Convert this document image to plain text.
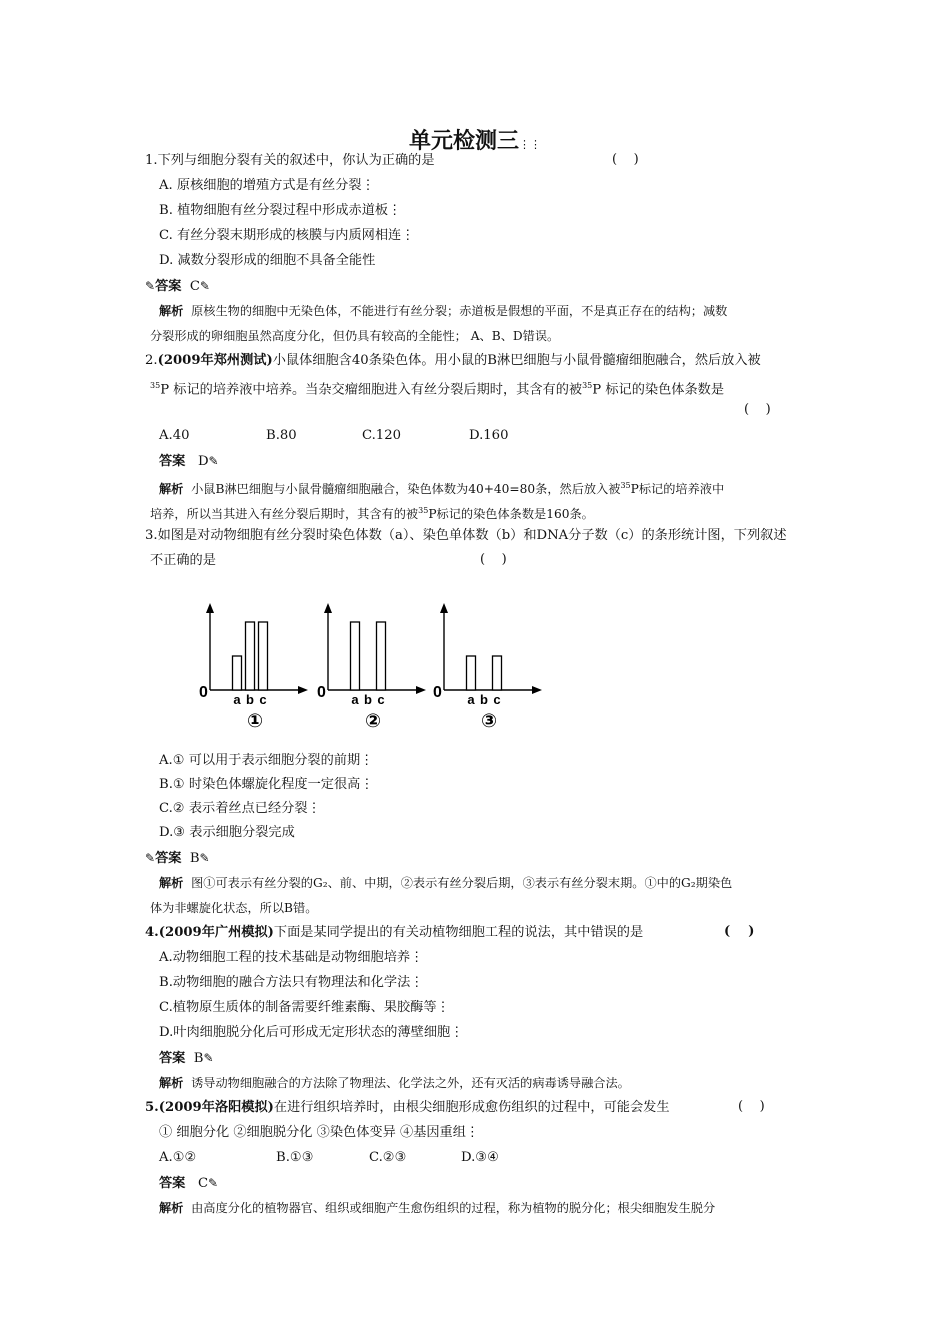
单元检测三⋮⋮
1.下列与细胞分裂有关的叙述中，你认为正确的是	(    )
A. 原核细胞的增殖方式是有丝分裂⋮
B. 植物细胞有丝分裂过程中形成赤道板⋮
C. 有丝分裂末期形成的核膜与内质网相连⋮
D. 减数分裂形成的细胞不具备全能性
✎答案 C✎
解析 原核生物的细胞中无染色体，不能进行有丝分裂；赤道板是假想的平面，不是真正存在的结构；减数
分裂形成的卵细胞虽然高度分化，但仍具有较高的全能性； A、B、D错误。
2.(2009年郑州测试)小鼠体细胞含40条染色体。用小鼠的B淋巴细胞与小鼠骨髓瘤细胞融合，然后放入被
$^{35}$P 标记的培养液中培养。当杂交瘤细胞进入有丝分裂后期时，其含有的被$^{35}$P 标记的染色体条数是
(    )
A.40	B.80	C.120	D.160
答案 D✎
解析 小鼠B淋巴细胞与小鼠骨髓瘤细胞融合，染色体数为40+40=80条，然后放入被$^{35}$P标记的培养液中
培养，所以当其进入有丝分裂后期时，其含有的被$^{35}$P标记的染色体条数是160条。
3.如图是对动物细胞有丝分裂时染色体数（a）、染色单体数（b）和DNA分子数（c）的条形统计图，下列叙述
不正确的是	(    )
0 a b c
①
0 a b c
②
0 a b c
③
A.① 可以用于表示细胞分裂的前期⋮
B.① 时染色体螺旋化程度一定很高⋮
C.② 表示着丝点已经分裂⋮
D.③ 表示细胞分裂完成
✎答案 B✎
解析 图①可表示有丝分裂的G₂、前、中期，②表示有丝分裂后期，③表示有丝分裂末期。①中的G₂期染色
体为非螺旋化状态，所以B错。
4.(2009年广州模拟)下面是某同学提出的有关动植物细胞工程的说法，其中错误的是	(    )
A.动物细胞工程的技术基础是动物细胞培养⋮
B.动物细胞的融合方法只有物理法和化学法⋮
C.植物原生质体的制备需要纤维素酶、果胶酶等⋮
D.叶肉细胞脱分化后可形成无定形状态的薄壁细胞⋮
答案 B✎
解析 诱导动物细胞融合的方法除了物理法、化学法之外，还有灭活的病毒诱导融合法。
5.(2009年洛阳模拟)在进行组织培养时，由根尖细胞形成愈伤组织的过程中，可能会发生	(    )
① 细胞分化 ②细胞脱分化 ③染色体变异 ④基因重组⋮
A.①②	B.①③	C.②③	D.③④
答案 C✎
解析 由高度分化的植物器官、组织或细胞产生愈伤组织的过程，称为植物的脱分化；根尖细胞发生脱分
